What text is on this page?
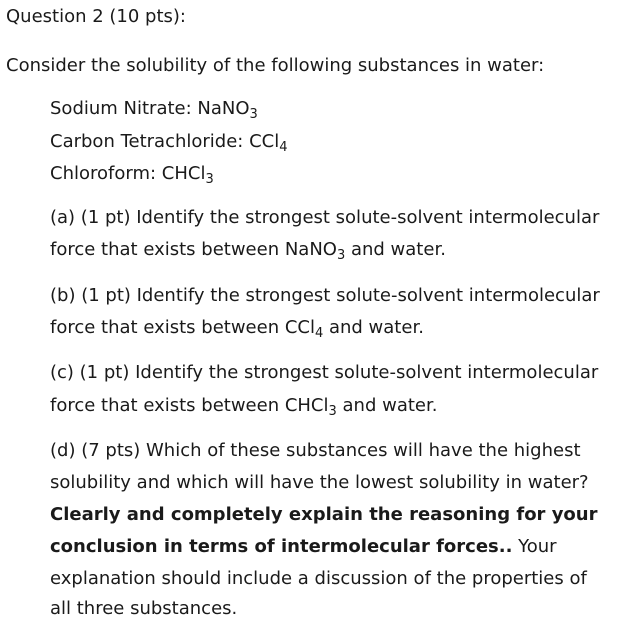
Question 2 (10 pts):
Consider the solubility of the following substances in water:
Sodium Nitrate: NaNO$_3$
Carbon Tetrachloride: CCl$_4$
Chloroform: CHCl$_3$
(a) (1 pt) Identify the strongest solute-solvent intermolecular
force that exists between NaNO$_3$ and water.
(b) (1 pt) Identify the strongest solute-solvent intermolecular
force that exists between CCl$_4$ and water.
(c) (1 pt) Identify the strongest solute-solvent intermolecular
force that exists between CHCl$_3$ and water.
(d) (7 pts) Which of these substances will have the highest
solubility and which will have the lowest solubility in water?
Clearly and completely explain the reasoning for your
conclusion in terms of intermolecular forces.. Your
explanation should include a discussion of the properties of
all three substances.
